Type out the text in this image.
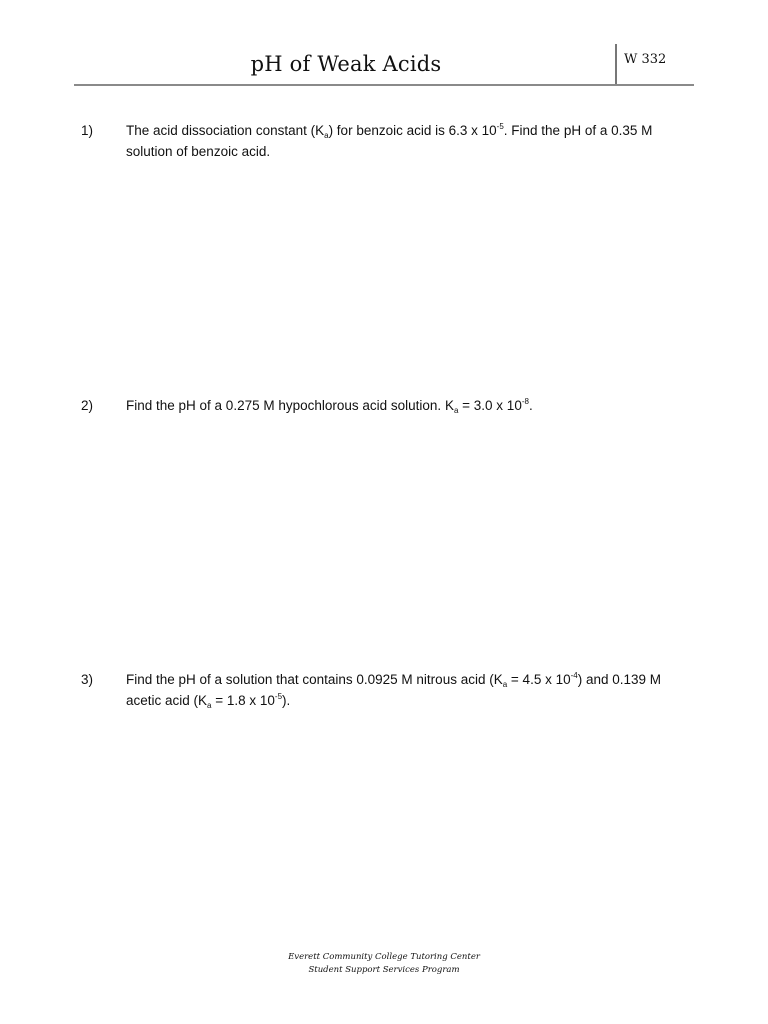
pH of Weak Acids	W 332
1) The acid dissociation constant $(K_a)$ for benzoic acid is 6.3 x $10^{-5}$. Find the pH of a 0.35 M
solution of benzoic acid.
2) Find the pH of a 0.275 M hypochlorous acid solution. $K_a = 3.0$ x $10^{-8}$.
3) Find the pH of a solution that contains 0.0925 M nitrous acid ($K_a = 4.5$ x $10^{-4}$) and 0.139 M
acetic acid ($K_a = 1.8$ x $10^{-5}$).
Everett Community College Tutoring Center
Student Support Services Program
